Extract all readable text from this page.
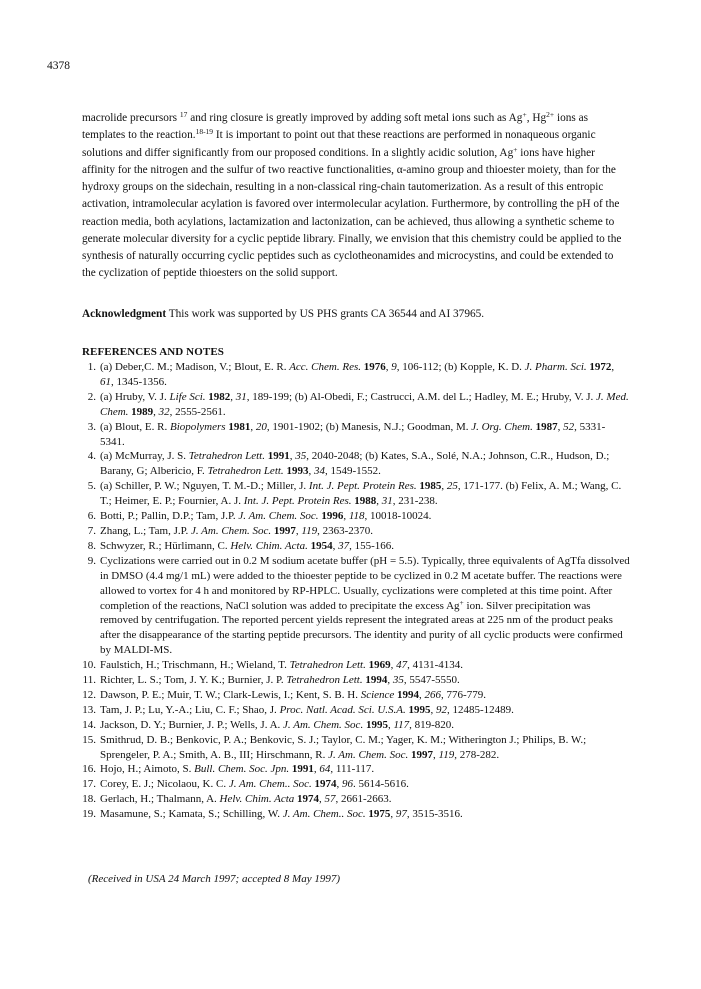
4378

macrolide precursors $^{17}$ and ring closure is greatly improved by adding soft metal ions such as Ag+, $Hg^{2+}$ ions as templates to the reaction.$^{18-19}$ It is important to point out that these reactions are performed in nonaqueous organic solutions and differ significantly from our proposed conditions. In a slightly acidic solution, Ag+ ions have higher affinity for the nitrogen and the sulfur of two reactive functionalities, α-amino group and thioester moiety, than for the hydroxy groups on the sidechain, resulting in a non-classical ring-chain tautomerization. As a result of this entropic activation, intramolecular acylation is favored over intermolecular acylation. Furthermore, by controlling the pH of the reaction media, both acylations, lactamization and lactonization, can be achieved, thus allowing a synthetic scheme to generate molecular diversity for a cyclic peptide library. Finally, we envision that this chemistry could be applied to the synthesis of naturally occurring cyclic peptides such as cyclotheonamides and microcystins, and could be extended to the cyclization of peptide thioesters on the solid support.

Acknowledgment This work was supported by US PHS grants CA 36544 and AI 37965.

REFERENCES AND NOTES

1. (a) Deber,C. M.; Madison, V.; Blout, E. R. Acc. Chem. Res. 1976, 9, 106-112; (b) Kopple, K. D. J. Pharm. Sci. 1972, 61, 1345-1356.
2. (a) Hruby, V. J. Life Sci. 1982, 31, 189-199; (b) Al-Obedi, F.; Castrucci, A.M. del L.; Hadley, M. E.; Hruby, V. J. J. Med. Chem. 1989, 32, 2555-2561.
3. (a) Blout, E. R. Biopolymers 1981, 20, 1901-1902; (b) Manesis, N.J.; Goodman, M. J. Org. Chem. 1987, 52, 5331-5341.
4. (a) McMurray, J. S. Tetrahedron Lett. 1991, 35, 2040-2048; (b) Kates, S.A., Solé, N.A.; Johnson, C.R., Hudson, D.; Barany, G; Albericio, F. Tetrahedron Lett. 1993, 34, 1549-1552.
5. (a) Schiller, P. W.; Nguyen, T. M.-D.; Miller, J. Int. J. Pept. Protein Res. 1985, 25, 171-177. (b) Felix, A. M.; Wang, C. T.; Heimer, E. P.; Fournier, A. J. Int. J. Pept. Protein Res. 1988, 31, 231-238.
6. Botti, P.; Pallin, D.P.; Tam, J.P. J. Am. Chem. Soc. 1996, 118, 10018-10024.
7. Zhang, L.; Tam, J.P. J. Am. Chem. Soc. 1997, 119, 2363-2370.
8. Schwyzer, R.; Hürlimann, C. Helv. Chim. Acta. 1954, 37, 155-166.
9. Cyclizations were carried out in 0.2 M sodium acetate buffer (pH = 5.5). Typically, three equivalents of AgTfa dissolved in DMSO (4.4 mg/1 mL) were added to the thioester peptide to be cyclized in 0.2 M acetate buffer. The reactions were allowed to vortex for 4 h and monitored by RP-HPLC. Usually, cyclizations were completed at this time point. After completion of the reactions, NaCl solution was added to precipitate the excess Ag+ ion. Silver precipitation was removed by centrifugation. The reported percent yields represent the integrated areas at 225 nm of the product peaks after the disappearance of the starting peptide precursors. The identity and purity of all cyclic products were confirmed by MALDI-MS.
10. Faulstich, H.; Trischmann, H.; Wieland, T. Tetrahedron Lett. 1969, 47, 4131-4134.
11. Richter, L. S.; Tom, J. Y. K.; Burnier, J. P. Tetrahedron Lett. 1994, 35, 5547-5550.
12. Dawson, P. E.; Muir, T. W.; Clark-Lewis, I.; Kent, S. B. H. Science 1994, 266, 776-779.
13. Tam, J. P.; Lu, Y.-A.; Liu, C. F.; Shao, J. Proc. Natl. Acad. Sci. U.S.A. 1995, 92, 12485-12489.
14. Jackson, D. Y.; Burnier, J. P.; Wells, J. A. J. Am. Chem. Soc. 1995, 117, 819-820.
15. Smithrud, D. B.; Benkovic, P. A.; Benkovic, S. J.; Taylor, C. M.; Yager, K. M.; Witherington J.; Philips, B. W.; Sprengeler, P. A.; Smith, A. B., III; Hirschmann, R. J. Am. Chem. Soc. 1997, 119, 278-282.
16. Hojo, H.; Aimoto, S. Bull. Chem. Soc. Jpn. 1991, 64, 111-117.
17. Corey, E. J.; Nicolaou, K. C. J. Am. Chem.. Soc. 1974, 96. 5614-5616.
18. Gerlach, H.; Thalmann, A. Helv. Chim. Acta 1974, 57, 2661-2663.
19. Masamune, S.; Kamata, S.; Schilling, W. J. Am. Chem.. Soc. 1975, 97, 3515-3516.
(Received in USA 24 March 1997; accepted 8 May 1997)
